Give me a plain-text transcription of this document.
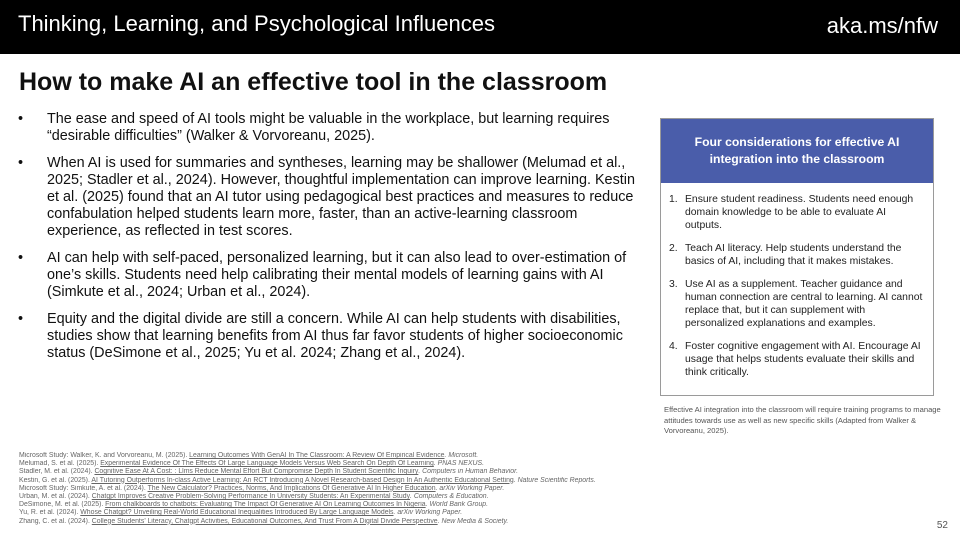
Thinking, Learning, and Psychological Influences	aka.ms/nfw
How to make AI an effective tool in the classroom
• The ease and speed of AI tools might be valuable in the workplace, but learning requires “desirable difficulties” (Walker & Vorvoreanu, 2025).
• When AI is used for summaries and syntheses, learning may be shallower (Melumad et al., 2025; Stadler et al., 2024). However, thoughtful implementation can improve learning. Kestin et al. (2025) found that an AI tutor using pedagogical best practices and measures to reduce confabulation helped students learn more, faster, than an active-learning classroom experience, as reflected in test scores.
• AI can help with self-paced, personalized learning, but it can also lead to over-estimation of one’s skills. Students need help calibrating their mental models of learning gains with AI (Simkute et al., 2024; Urban et al., 2024).
• Equity and the digital divide are still a concern. While AI can help students with disabilities, studies show that learning benefits from AI thus far favor students of higher socioeconomic status (DeSimone et al., 2025; Yu et al. 2024; Zhang et al., 2024).
Four considerations for effective AI integration into the classroom
1. Ensure student readiness. Students need enough domain knowledge to be able to evaluate AI outputs.
2. Teach AI literacy. Help students understand the basics of AI, including that it makes mistakes.
3. Use AI as a supplement. Teacher guidance and human connection are central to learning. AI cannot replace that, but it can supplement with personalized explanations and examples.
4. Foster cognitive engagement with AI. Encourage AI usage that helps students evaluate their skills and think critically.
Effective AI integration into the classroom will require training programs to manage attitudes towards use as well as new specific skills (Adapted from Walker & Vorvoreanu, 2025).
Microsoft Study: Walker, K. and Vorvoreanu, M. (2025). Learning Outcomes With GenAI In The Classroom: A Review Of Empirical Evidence. Microsoft.
Melumad, S. et al. (2025). Experimental Evidence Of The Effects Of Large Language Models Versus Web Search On Depth Of Learning. PNAS NEXUS.
Stadler, M. et al. (2024). Cognitive Ease At A Cost: : Llms Reduce Mental Effort But Compromise Depth In Student Scientific Inquiry. Computers in Human Behavior.
Kestin, G. et al. (2025). AI Tutoring Outperforms In-class Active Learning: An RCT Introducing A Novel Research-based Design In An Authentic Educational Setting. Nature Scientific Reports.
Microsoft Study: Simkute, A. et al. (2024). The New Calculator? Practices, Norms, And Implications Of Generative AI In Higher Education. arXiv Working Paper.
Urban, M. et al. (2024). Chatgpt Improves Creative Problem-Solving Performance In University Students: An Experimental Study. Computers & Education.
DeSimone, M. et al. (2025). From chalkboards to chatbots: Evaluating The Impact Of Generative AI On Learning Outcomes In Nigeria. World Bank Group.
Yu, R. et al. (2024). Whose Chatgpt? Unveiling Real-World Educational Inequalities Introduced By Large Language Models. arXiv Working Paper.
Zhang, C. et al. (2024). College Students’ Literacy, Chatgpt Activities, Educational Outcomes, And Trust From A Digital Divide Perspective. New Media & Society.	52
